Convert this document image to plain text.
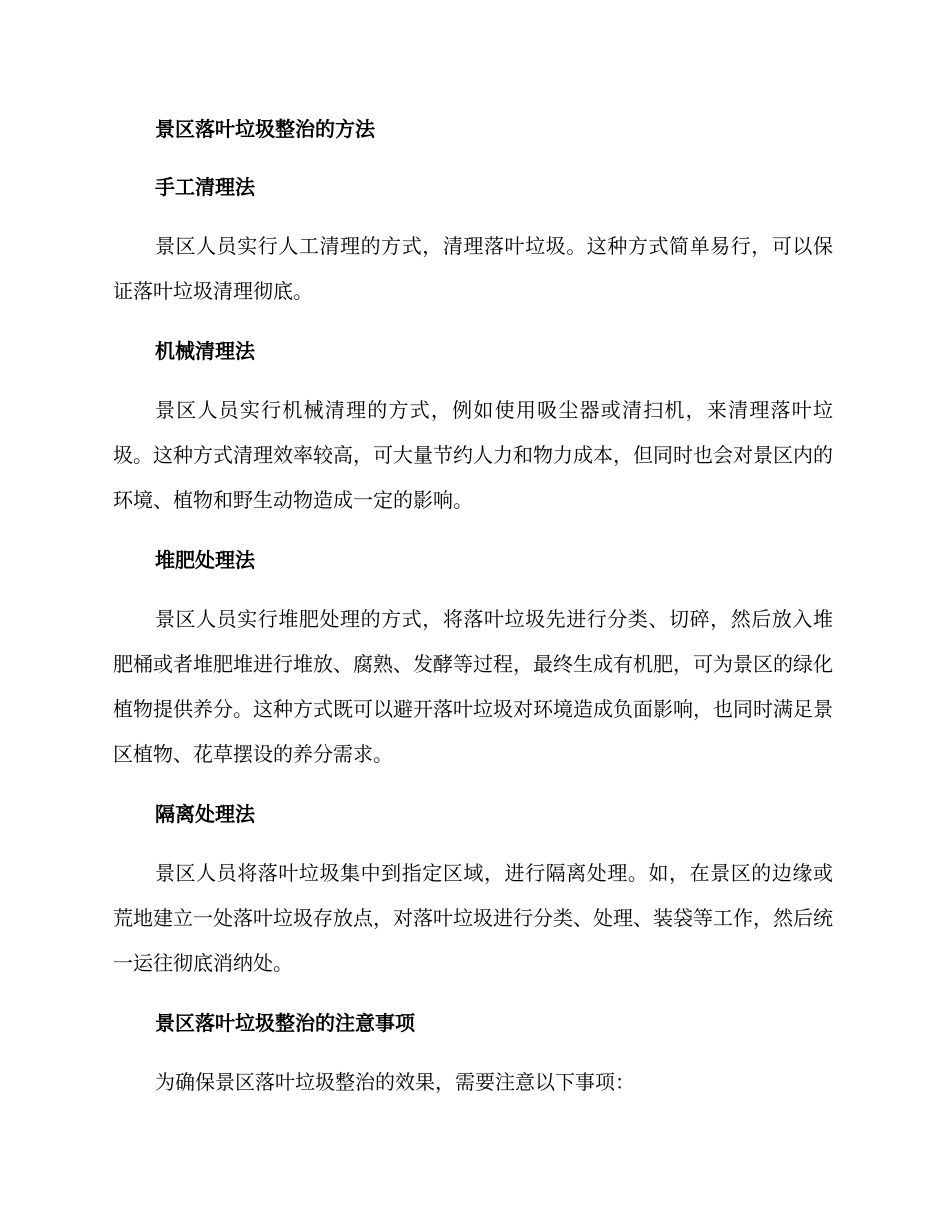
景区落叶垃圾整治的方法

手工清理法

景区人员实行人工清理的方式，清理落叶垃圾。这种方式简单易行，可以保证落叶垃圾清理彻底。

机械清理法

景区人员实行机械清理的方式，例如使用吸尘器或清扫机，来清理落叶垃圾。这种方式清理效率较高，可大量节约人力和物力成本，但同时也会对景区内的环境、植物和野生动物造成一定的影响。

堆肥处理法

景区人员实行堆肥处理的方式，将落叶垃圾先进行分类、切碎，然后放入堆肥桶或者堆肥堆进行堆放、腐熟、发酵等过程，最终生成有机肥，可为景区的绿化植物提供养分。这种方式既可以避开落叶垃圾对环境造成负面影响，也同时满足景区植物、花草摆设的养分需求。

隔离处理法

景区人员将落叶垃圾集中到指定区域，进行隔离处理。如，在景区的边缘或荒地建立一处落叶垃圾存放点，对落叶垃圾进行分类、处理、装袋等工作，然后统一运往彻底消纳处。

景区落叶垃圾整治的注意事项

为确保景区落叶垃圾整治的效果，需要注意以下事项：
